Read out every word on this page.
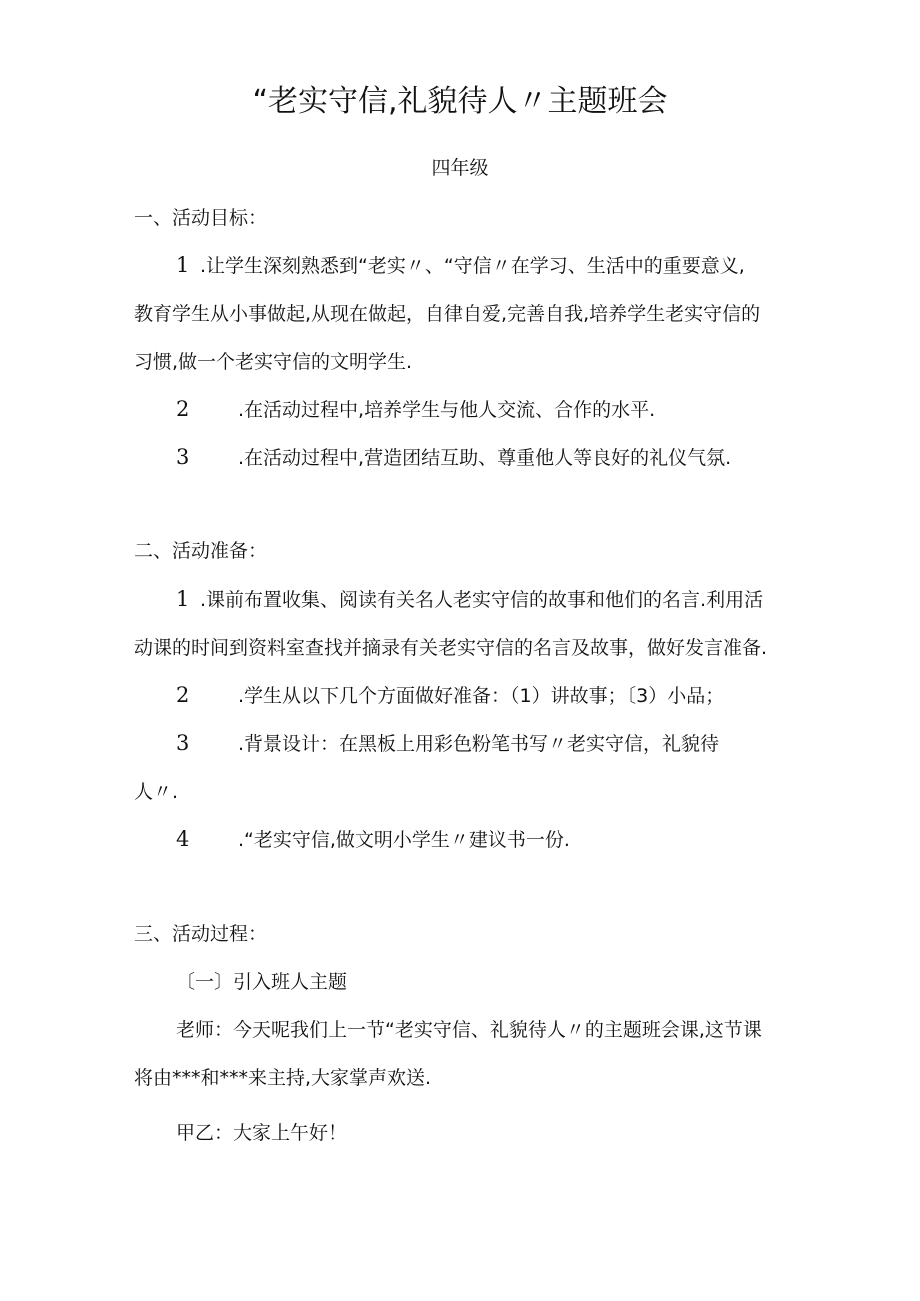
“老实守信,礼貌待人〃主题班会
四年级
一、活动目标：
1 .让学生深刻熟悉到“老实〃、“守信〃在学习、生活中的重要意义,
教育学生从小事做起,从现在做起，自律自爱,完善自我,培养学生老实守信的
习惯,做一个老实守信的文明学生.
2	.在活动过程中,培养学生与他人交流、合作的水平.
3	.在活动过程中,营造团结互助、尊重他人等良好的礼仪气氛.
二、活动准备：
1 .课前布置收集、阅读有关名人老实守信的故事和他们的名言.利用活
动课的时间到资料室查找并摘录有关老实守信的名言及故事，做好发言准备.
2	.学生从以下几个方面做好准备：（1）讲故事；〔3）小品；
3	.背景设计：在黑板上用彩色粉笔书写〃老实守信，礼貌待
人〃.
4	.“老实守信,做文明小学生〃建议书一份.
三、活动过程：
〔一〕引入班人主题
老师：今天呢我们上一节“老实守信、礼貌待人〃的主题班会课,这节课
将由***和***来主持,大家掌声欢送.
甲乙：大家上午好！
